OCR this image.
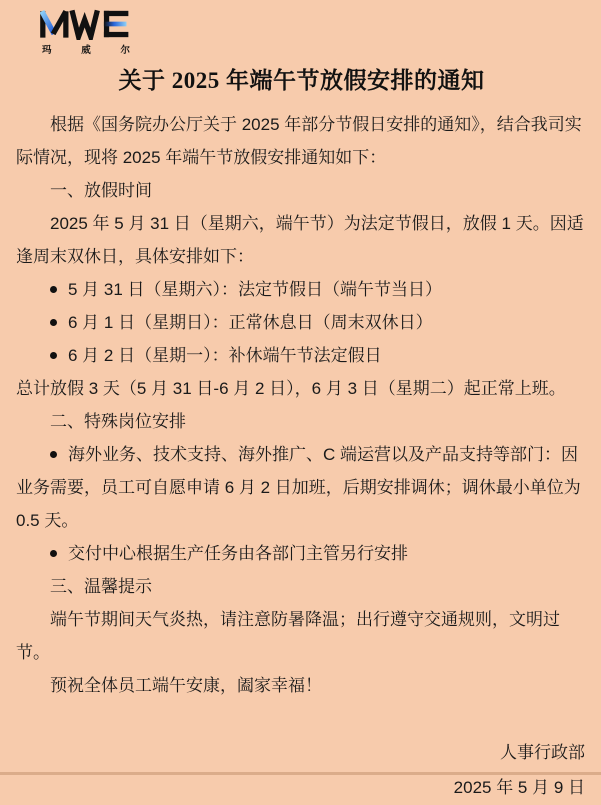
玛	威	尔
关于 2025 年端午节放假安排的通知

根据《国务院办公厅关于 2025 年部分节假日安排的通知》，结合我司实际情况，现将 2025 年端午节放假安排通知如下：

一、放假时间

2025 年 5 月 31 日（星期六，端午节）为法定节假日，放假 1 天。因适逢周末双休日，具体安排如下：

5 月 31 日（星期六）：法定节假日（端午节当日）

6 月 1 日（星期日）：正常休息日（周末双休日）

6 月 2 日（星期一）：补休端午节法定假日

总计放假 3 天（5 月 31 日-6 月 2 日），6 月 3 日（星期二）起正常上班。

二、特殊岗位安排

海外业务、技术支持、海外推广、C 端运营以及产品支持等部门：因业务需要，员工可自愿申请 6 月 2 日加班，后期安排调休；调休最小单位为 0.5 天。

交付中心根据生产任务由各部门主管另行安排

三、温馨提示

端午节期间天气炎热，请注意防暑降温；出行遵守交通规则，文明过节。

预祝全体员工端午安康，阖家幸福！

人事行政部
2025 年 5 月 9 日
